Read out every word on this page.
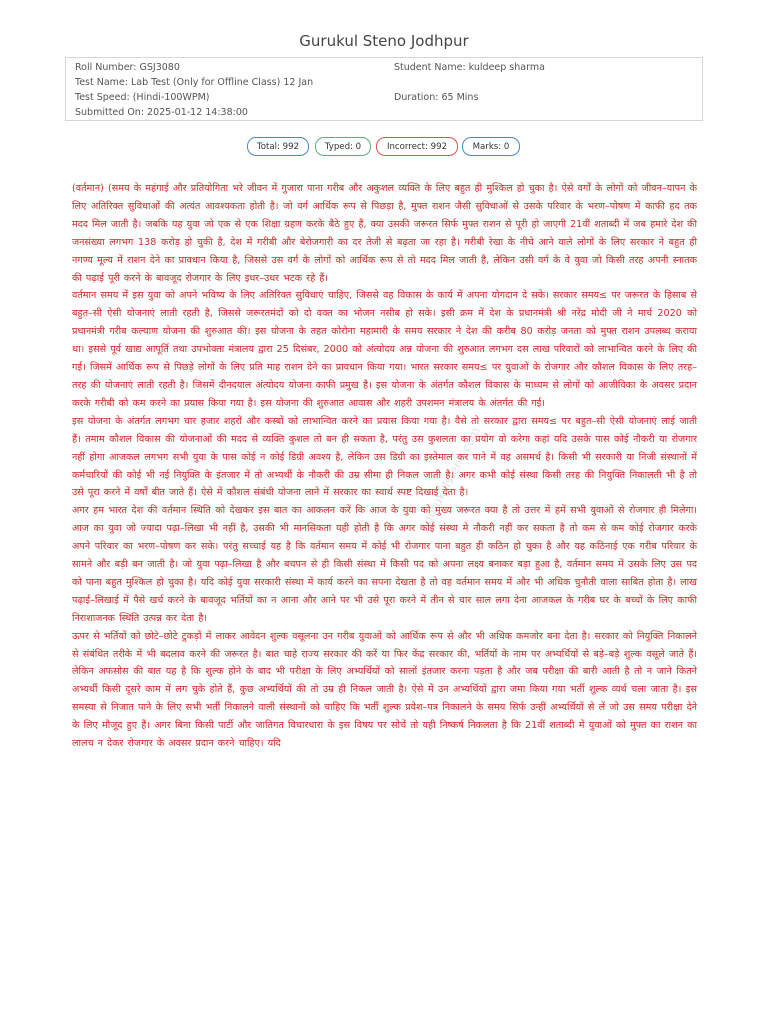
Gurukul Steno Jodhpur
Roll Number: GSJ3080	Student Name: kuldeep sharma
Test Name: Lab Test (Only for Offline Class) 12 Jan
Test Speed: (Hindi-100WPM)	Duration: 65 Mins
Submitted On: 2025-01-12 14:38:00
Total: 992	Typed: 0	Incorrect: 992	Marks: 0

(वर्तमान) (समय के महंगाई और प्रतियोगिता भरे जीवन में गुजारा पाना गरीब और अकुशल व्यक्ति के लिए बहुत ही मुश्किल हो चुका है। ऐसे वर्गों के लोगों को जीवन–यापन के लिए अतिरिक्त सुविधाओं की अत्यंत आवश्यकता होती है। जो वर्ग आर्थिक रूप से पिछड़ा है, मुफ्त राशन जैसी सुविधाओं से उसके परिवार के भरण–पोषण में काफी हद तक मदद मिल जाती है। जबकि यह युवा जो एक से एक शिक्षा ग्रहण करके बैठे हुए हैं, क्या उसकी जरूरत सिर्फ मुफ्त राशन से पूरी हो जाएगी 21वीं शताब्दी में जब हमारे देश की जनसंख्या लगभग 138 करोड़ हो चुकी है, देश में गरीबी और बेरोजगारी का दर तेजी से बढ़ता जा रहा है। गरीबी रेखा के नीचे आने वाले लोगों के लिए सरकार ने बहुत ही नगण्य मूल्य में राशन देने का प्रावधान किया है, जिससे उस वर्ग के लोगों को आर्थिक रूप से तो मदद मिल जाती है, लेकिन उसी वर्ग के वे युवा जो किसी तरह अपनी स्नातक की पढ़ाई पूरी करने के बावजूद रोजगार के लिए इधर–उधर भटक रहे हैं।

वर्तमान समय में इस युवा को अपने भविष्य के लिए अतिरिक्त सुविधाएं चाहिए, जिससे वह विकास के कार्य में अपना योगदान दे सके। सरकार समय≤ पर जरूरत के हिसाब से बहुत–सी ऐसी योजनाएं लाती रहती है, जिससे जरूरतमंदों को दो वक्त का भोजन नसीब हो सके। इसी क्रम में देश के प्रधानमंत्री श्री नरेंद्र मोदी जी ने मार्च 2020 को प्रधानमंत्री गरीब कल्याण योजना की शुरुआत की। इस योजना के तहत कोरोना महामारी के समय सरकार ने देश की करीब 80 करोड़ जनता को मुफ्त राशन उपलब्ध कराया था। इससे पूर्व खाद्य आपूर्ति तथा उपभोक्ता मंत्रालय द्वारा 25 दिसंबर, 2000 को अंत्योदय अन्न योजना की शुरुआत लगभग दस लाख परिवारों को लाभान्वित करने के लिए की गई। जिसमें आर्थिक रूप से पिछड़े लोगों के लिए प्रति माह राशन देने का प्रावधान किया गया। भारत सरकार समय≤ पर युवाओं के रोजगार और कौशल विकास के लिए तरह–तरह की योजनाएं लाती रहती है। जिसमें दीनदयाल अंत्योदय योजना काफी प्रमुख है। इस योजना के अंतर्गत कौशल विकास के माध्यम से लोगों को आजीविका के अवसर प्रदान करके गरीबी को कम करने का प्रयास किया गया है। इस योजना की शुरुआत आवास और शहरी उपशमन मंत्रालय के अंतर्गत की गई।

इस योजना के अंतर्गत लगभग चार हजार शहरों और कस्बों को लाभान्वित करने का प्रयास किया गया है। वैसे तो सरकार द्वारा समय≤ पर बहुत–सी ऐसी योजनाएं लाई जाती हैं। तमाम कौशल विकास की योजनाओं की मदद से व्यक्ति कुशल तो बन ही सकता है, परंतु उस कुशलता का प्रयोग वो करेगा कहां यदि उसके पास कोई नौकरी या रोजगार नहीं होगा आजकल लगभग सभी युवा के पास कोई न कोई डिग्री अवश्य है, लेकिन उस डिग्री का इस्तेमाल कर पाने में वह असमर्थ है। किसी भी सरकारी या निजी संस्थानों में कर्मचारियों की कोई भी नई नियुक्ति के इंतजार में तो अभ्यर्थी के नौकरी की उम्र सीमा ही निकल जाती है। अगर कभी कोई संस्था किसी तरह की नियुक्ति निकालती भी है तो उसे पूरा करने में वर्षों बीत जाते हैं। ऐसे में कौशल संबंधी योजना लाने में सरकार का स्वार्थ स्पष्ट दिखाई देता है।

अगर हम भारत देश की वर्तमान स्थिति को देखकर इस बात का आकलन करें कि आज के युवा को मुख्य जरूरत क्या है तो उत्तर में हमें सभी युवाओं से रोजगार ही मिलेगा। आज का युवा जो ज्यादा पढ़ा–लिखा भी नहीं है, उसकी भी मानसिकता यही होती है कि अगर कोई संस्था मे नौकरी नहीं कर सकता है तो कम से कम कोई रोजगार करके अपने परिवार का भरण–पोषण कर सके। परंतु सच्चाई यह है कि वर्तमान समय में कोई भी रोजगार पाना बहुत ही कठिन हो चुका है और यह कठिनाई एक गरीब परिवार के सामने और बड़ी बन जाती है। जो युवा पढ़ा–लिखा है और बचपन से ही किसी संस्था में किसी पद को अपना लक्ष्य बनाकर बड़ा हुआ है, वर्तमान समय में उसके लिए उस पद को पाना बहुत मुश्किल हो चुका है। यदि कोई युवा सरकारी संस्था में कार्य करने का सपना देखता है तो वह वर्तमान समय में और भी अधिक चुनौती वाला साबित होता है। लाख पढ़ाई–लिखाई में पैसे खर्च करने के बावजूद भर्तियों का न आना और आने पर भी उसे पूरा करने में तीन से चार साल लगा देना आजकल के गरीब घर के बच्चों के लिए काफी निराशाजनक स्थिति उत्पन्न कर देता है।

ऊपर से भर्तियों को छोटे–छोटे टुकड़ों में लाकर आवेदन शुल्क वसूलना उन गरीब युवाओं को आर्थिक रूप से और भी अधिक कमजोर बना देता है। सरकार को नियुक्ति निकालने से संबंधित तरीके में भी बदलाव करने की जरूरत है। बात चाहे राज्य सरकार की करें या फिर केंद्र सरकार की, भर्तियों के नाम पर अभ्यर्थियों से बड़े–बड़े शुल्क वसूले जाते हैं। लेकिन अफसोस की बात यह है कि शुल्क होने के बाद भी परीक्षा के लिए अभ्यर्थियों को सालों इंतजार करना पड़ता है और जब परीक्षा की बारी आती है तो न जाने कितने अभ्यर्थी किसी दूसरे काम में लग चुके होते हैं, कुछ अभ्यर्थियों की तो उम्र ही निकल जाती है। ऐसे में उन अभ्यर्थियों द्वारा जमा किया गया भर्ती शुल्क व्यर्थ चला जाता है। इस समस्या से निजात पाने के लिए सभी भर्ती निकालने वाली संस्थानों को चाहिए कि भर्ती शुल्क प्रवेश–पत्र निकालने के समय सिर्फ उन्हीं अभ्यर्थियों से लें जो उस समय परीक्षा देने के लिए मौजूद हुए हैं। अगर बिना किसी पार्टी और जातिगत विचारधारा के इस विषय पर सोचें तो यही निष्कर्ष निकलता है कि 21वीं शताब्दी में युवाओं को मुफ्त का राशन का लालच न देकर रोजगार के अवसर प्रदान करने चाहिए। यदि

gurukulsteno.com
